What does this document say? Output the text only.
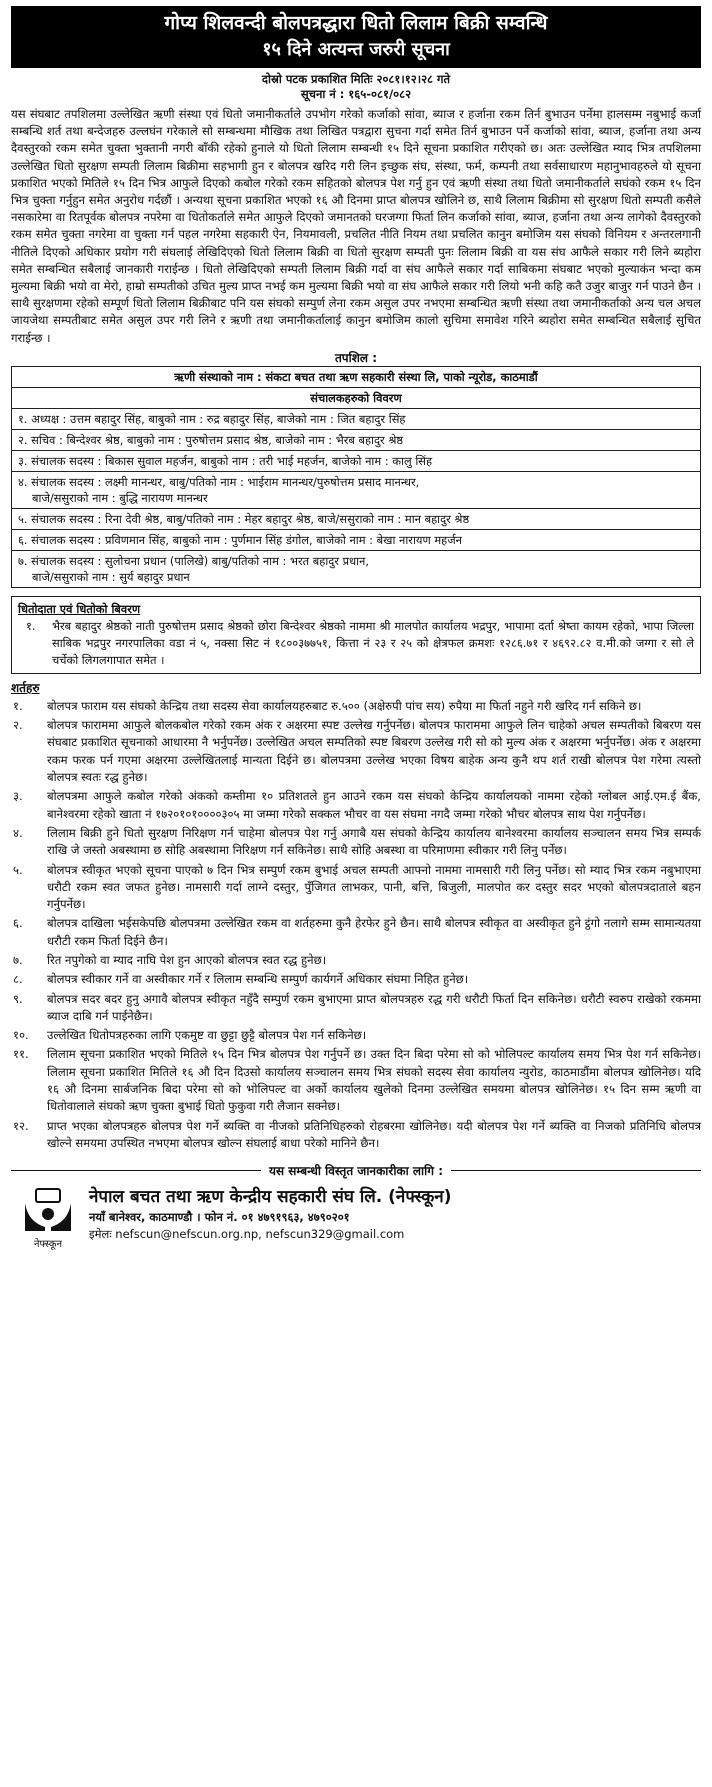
गोप्य शिलवन्दी बोलपत्रद्धारा धितो लिलाम बिक्री सम्वन्धि
१५ दिने अत्यन्त जरुरी सूचना
दोस्रो पटक प्रकाशित मितिः २०८१।१२।२८ गते
सूचना नं : १६५-०८१/०८२
यस संघबाट तपशिलमा उल्लेखित ऋणी संस्था एवं धितो जमानीकर्ताले उपभोग गरेको कर्जाको सांवा, ब्याज र हर्जाना रकम तिर्न बुभाउन पर्नेमा हालसम्म नबुभाई कर्जा सम्बन्धि शर्त तथा बन्देजहरु उल्लघंन गरेकाले सो सम्बन्धमा मौखिक तथा लिखित पत्रद्वारा सुचना गर्दा समेत तिर्न बुभाउन पर्ने कर्जाको सांवा, ब्याज, हर्जाना तथा अन्य दैवस्तुरको रकम समेत चुक्ता भुक्तानी नगरी बाँकी रहेको हुनाले यो धितो लिलाम सम्बन्धी १५ दिने सूचना प्रकाशित गरीएको छ। अतः उल्लेखित म्याद भित्र तपशिलमा उल्लेखित धितो सुरक्षण सम्पती लिलाम बिक्रीमा सहभागी हुन र बोलपत्र खरिद गरी लिन इच्छुक संघ, संस्था, फर्म, कम्पनी तथा सर्वसाधारण महानुभावहरुले यो सूचना प्रकाशित भएको मितिले १५ दिन भित्र आफुले दिएको कबोल गरेको रकम सहितको बोलपत्र पेश गर्नु हुन एवं ऋणी संस्था तथा धितो जमानीकर्ताले सघंको रकम १५ दिन भित्र चुक्ता गर्नुहुन समेत अनुरोध गर्दछौं । अन्यथा सूचना प्रकाशित भएको १६ औ दिनमा प्राप्त बोलपत्र खोलिने छ, साथै लिलाम बिक्रीमा सो सुरक्षण धितो सम्पती कसैले नसकारेमा वा रितपूर्वक बोलपत्र नपरेमा वा धितोकर्ताले समेत आफुले दिएको जमानतको घरजग्गा फिर्ता लिन कर्जाको सांवा, ब्याज, हर्जाना तथा अन्य लागेको दैवस्तुरको रकम समेत चुक्ता नगरेमा वा चुक्ता गर्न पहल नगरेमा सहकारी ऐन, नियमावली, प्रचलित नीति नियम तथा प्रचलित कानुन बमोजिम यस संघको विनियम र अन्तरलगानी नीतिले दिएको अधिकार प्रयोग गरी संघलाई लेखिदिएको धितो लिलाम बिक्री वा धितो सुरक्षण सम्पती पुनः लिलाम बिक्री वा यस संघ आफैले सकार गरी लिने ब्यहोरा समेत सम्बन्धित सबैलाई जानकारी गराईन्छ । धितो लेखिदिएको सम्पती लिलाम बिक्री गर्दा वा संघ आफैले सकार गर्दा साबिकमा संघबाट भएको मुल्याकंन भन्दा कम मुल्यमा बिक्री भयो वा मेरो, हाम्रो सम्पतीको उचित मुल्य प्राप्त नभई कम मुल्यमा बिक्री भयो वा संघ आफैले सकार गरी लियो भनी कहि कतै उजुर बाजुर गर्न पाउने छैन । साथै सुरक्षणमा रहेको सम्पूर्ण धितो लिलाम बिक्रीबाट पनि यस संघको सम्पुर्ण लेना रकम असुल उपर नभएमा सम्बन्धित ऋणी संस्था तथा जमानीकर्ताको अन्य चल अचल जायजेथा सम्पतीबाट समेत असुल उपर गरी लिने र ऋणी तथा जमानीकर्तालाई कानुन बमोजिम कालो सुचिमा समावेश गरिने ब्यहोरा समेत सम्बन्धित सबैलाई सुचित गराईन्छ ।
तपशिल :
ऋणी संस्थाको नाम : संकटा बचत तथा ऋण सहकारी संस्था लि, पाको न्यूरोड, काठमाडौं
संचालकहरुको विवरण
१. अध्यक्ष : उत्तम बहादुर सिंह, बाबुको नाम : रुद्र बहादुर सिंह, बाजेको नाम : जित बहादुर सिंह
२. सचिव : बिन्देश्वर श्रेष्ठ, बाबुको नाम : पुरुषोत्तम प्रसाद श्रेष्ठ, बाजेको नाम : भैरब बहादुर श्रेष्ठ
३. संचालक सदस्य : बिकास सुवाल महर्जन, बाबुको नाम : तरी भाई महर्जन, बाजेको नाम : कालु सिंह
४. संचालक सदस्य : लक्ष्मी मानन्धर, बाबु/पतिको नाम : भाईराम मानन्धर/पुरुषोत्तम प्रसाद मानन्धर,
बाजे/ससुराको नाम : बुद्धि नारायण मानन्धर
५. संचालक सदस्य : रिना देवी श्रेष्ठ, बाबु/पतिको नाम : मेहर बहादुर श्रेष्ठ, बाजे/ससुराको नाम : मान बहादुर श्रेष्ठ
६. संचालक सदस्य : प्रविणमान सिंह, बाबुको नाम : पुर्णमान सिंह डंगोल, बाजेको नाम : बेखा नारायण महर्जन
७. संचालक सदस्य : सुलोचना प्रधान (पालिखे) बाबु/पतिको नाम : भरत बहादुर प्रधान,
बाजे/ससुराको नाम : सुर्य बहादुर प्रधान
धितोदाता एवं धितोको बिवरण
१.	भैरब बहादुर श्रेष्ठको नाती पुरुषोत्तम प्रसाद श्रेष्ठको छोरा बिन्देश्वर श्रेष्ठको नाममा श्री मालपोत कार्यालय भद्रपुर, भापामा दर्ता श्रेष्ता कायम रहेको, भापा जिल्ला साबिक भद्रपुर नगरपालिका वडा नं ५, नक्सा सिट नं १८००३७७५१, कित्ता नं २३ र २५ को क्षेत्रफल क्रमशः १२८६.७१ र ४६९२.८२ व.मी.को जग्गा र सो ले चर्चेको लिगलगापात समेत ।
शर्तहरु
१.	बोलपत्र फाराम यस संघको केन्द्रिय तथा सदस्य सेवा कार्यालयहरुबाट रु.५०० (अक्षेरुपी पांच सय) रुपैया मा फिर्ता नहुने गरी खरिद गर्न सकिने छ।
२.	बोलपत्र फाराममा आफुले बोलकबोल गरेको रकम अंक र अक्षरमा स्पष्ट उल्लेख गर्नुपर्नेछ। बोलपत्र फाराममा आफुले लिन चाहेको अचल सम्पतीको बिबरण यस संघबाट प्रकाशित सूचनाको आधारमा नै भर्नुपर्नेछ। उल्लेखित अचल सम्पतिको स्पष्ट बिबरण उल्लेख गरी सो को मुल्य अंक र अक्षरमा भर्नुपर्नेछ। अंक र अक्षरमा रकम फरक पर्न गएमा अक्षरमा उल्लेखितलाई मान्यता दिईने छ। बोलपत्रमा उल्लेख भएका विषय बाहेक अन्य कुनै थप शर्त राखी बोलपत्र पेश गरेमा त्यस्तो बोलपत्र स्वतः रद्ध हुनेछ।
३.	बोलपत्रमा आफुले कबोल गरेको अंकको कम्तीमा १० प्रतिशतले हुन आउने रकम यस संघको केन्द्रिय कार्यालयको नाममा रहेको ग्लोबल आई.एम.ई बैंक, बानेश्वरमा रहेको खाता नं १७२०१०१००००३०५ मा जम्मा गरेको सक्कल भौचर वा यस संघमा नगदै जम्मा गरेको भौचर बोलपत्र साथ पेश गर्नुपर्नेछ।
४.	लिलाम बिक्री हुने धितो सुरक्षण निरिक्षण गर्न चाहेमा बोलपत्र पेश गर्नु अगाबै यस संघको केन्द्रिय कार्यालय बानेश्वरमा कार्यालय सञ्चालन समय भित्र सम्पर्क राखि जे जस्तो अबस्थामा छ सोहि अबस्थामा निरिक्षण गर्न सकिनेछ। साथै सोहि अबस्था वा परिमाणमा स्वीकार गरी लिनु पर्नेछ।
५.	बोलपत्र स्वीकृत भएको सूचना पाएको ७ दिन भित्र सम्पुर्ण रकम बुभाई अचल सम्पती आफ्नो नाममा नामसारी गरी लिनु पर्नेछ। सो म्याद भित्र रकम नबुभाएमा धरौटी रकम स्वत जफत हुनेछ। नामसारी गर्दा लाग्ने दस्तुर, पुँजिगत लाभकर, पानी, बत्ति, बिजुली, मालपोत कर दस्तुर सदर भएको बोलपत्रदाताले बहन गर्नुपर्नेछ।
६.	बोलपत्र दाखिला भईसकेपछि बोलपत्रमा उल्लेखित रकम वा शर्तहरुमा कुनै हेरफेर हुने छैन। साथै बोलपत्र स्वीकृत वा अस्वीकृत हुने ट्ठंगो नलागे सम्म सामान्यतया धरौटी रकम फिर्ता दिईने छैन।
७.	रित नपुगेको वा म्याद नाघि पेश हुन आएको बोलपत्र स्वत रद्ध हुनेछ।
८.	बोलपत्र स्वीकार गर्ने वा अस्वीकार गर्ने र लिलाम सम्बन्धि सम्पुर्ण कार्यगर्ने अधिकार संघमा निहित हुनेछ।
९.	बोलपत्र सदर बदर हुनु अगावै बोलपत्र स्वीकृत नहुँदै सम्पुर्ण रकम बुभाएमा प्राप्त बोलपत्रहरु रद्ध गरी धरौटी फिर्ता दिन सकिनेछ। धरौटी स्वरुप राखेको रकममा ब्याज दाबि गर्न पाईनेछैन।
१०.	उल्लेखित धितोपत्रहरुका लागि एकमुष्ट वा छुट्टा छुट्टै बोलपत्र पेश गर्न सकिनेछ।
११.	लिलाम सूचना प्रकाशित भएको मितिले १५ दिन भित्र बोलपत्र पेश गर्नुपर्ने छ। उक्त दिन बिदा परेमा सो को भोलिपल्ट कार्यालय समय भित्र पेश गर्न सकिनेछ। लिलाम सूचना प्रकाशित मितिले १६ औ दिन दिउसो कार्यालय सञ्चालन समय भित्र संघको सदस्य सेवा कार्यालय न्युरोड, काठमाडौंमा बोलपत्र खोलिनेछ। यदि १६ औ दिनमा सार्बजनिक बिदा परेमा सो को भोलिपल्ट वा अर्को कार्यालय खुलेको दिनमा उल्लेखित समयमा बोलपत्र खोलिनेछ। १५ दिन सम्म ऋणी वा धितोवालाले संघको ऋण चुक्ता बुभाई धितो फुकुवा गरी लैजान सक्नेछ।
१२.	प्राप्त भएका बोलपत्रहरु बोलपत्र पेश गर्ने ब्यक्ति वा नीजको प्रतिनिधिहरुको रोहबरमा खोलिनेछ। यदी बोलपत्र पेश गर्ने ब्यक्ति वा निजको प्रतिनिधि बोलपत्र खोल्ने समयमा उपस्थित नभएमा बोलपत्र खोल्न संघलाई बाधा परेको मानिने छैन।
यस सम्बन्धी विस्तृत जानकारीका लागि :
नेफ्स्कून
नेपाल बचत तथा ऋण केन्द्रीय सहकारी संघ लि. (नेफ्स्कून)
नयाँ बानेश्वर, काठमाण्डौ । फोन नं. ०१ ४७९१९६३, ४७९०२०१
इमेलः nefscun@nefscun.org.np, nefscun329@gmail.com
